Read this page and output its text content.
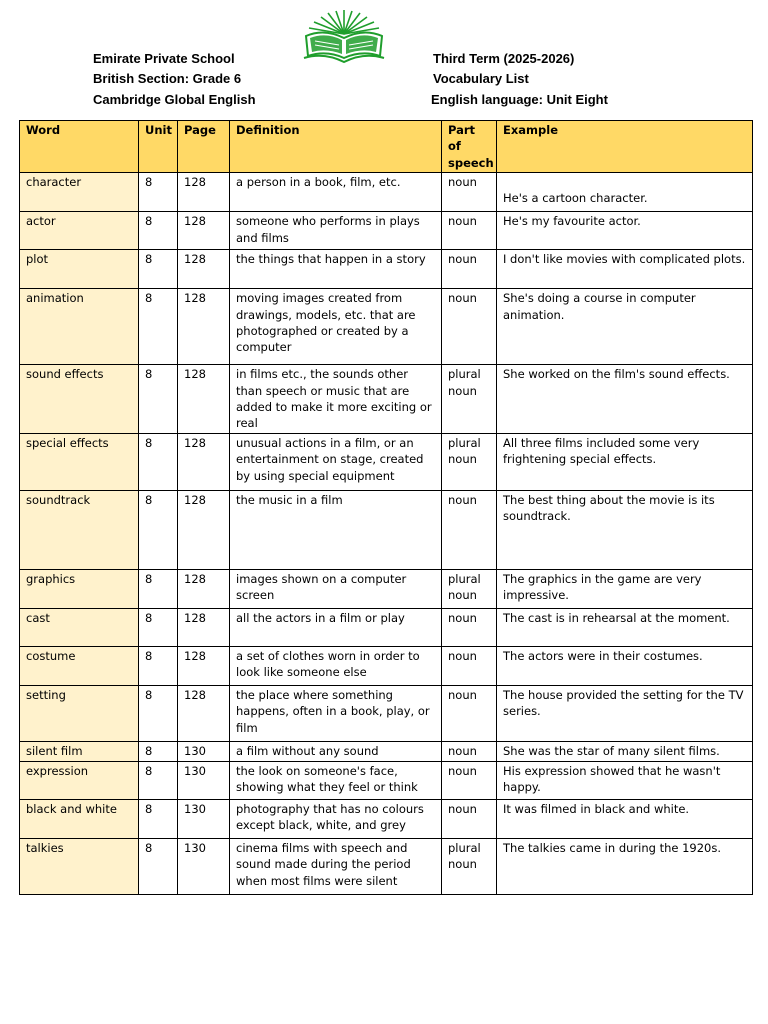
Emirate Private School
British Section: Grade 6
Cambridge Global English
Third Term (2025-2026)
Vocabulary List
English language: Unit Eight
Word	Unit	Page	Definition	Part of speech	Example
character	8	128	a person in a book, film, etc.	noun	He's a cartoon character.
actor	8	128	someone who performs in plays and films	noun	He's my favourite actor.
plot	8	128	the things that happen in a story	noun	I don't like movies with complicated plots.
animation	8	128	moving images created from drawings, models, etc. that are photographed or created by a computer	noun	She's doing a course in computer animation.
sound effects	8	128	in films etc., the sounds other than speech or music that are added to make it more exciting or real	plural noun	She worked on the film's sound effects.
special effects	8	128	unusual actions in a film, or an entertainment on stage, created by using special equipment	plural noun	All three films included some very frightening special effects.
soundtrack	8	128	the music in a film	noun	The best thing about the movie is its soundtrack.
graphics	8	128	images shown on a computer screen	plural noun	The graphics in the game are very impressive.
cast	8	128	all the actors in a film or play	noun	The cast is in rehearsal at the moment.
costume	8	128	a set of clothes worn in order to look like someone else	noun	The actors were in their costumes.
setting	8	128	the place where something happens, often in a book, play, or film	noun	The house provided the setting for the TV series.
silent film	8	130	a film without any sound	noun	She was the star of many silent films.
expression	8	130	the look on someone's face, showing what they feel or think	noun	His expression showed that he wasn't happy.
black and white	8	130	photography that has no colours except black, white, and grey	noun	It was filmed in black and white.
talkies	8	130	cinema films with speech and sound made during the period when most films were silent	plural noun	The talkies came in during the 1920s.
